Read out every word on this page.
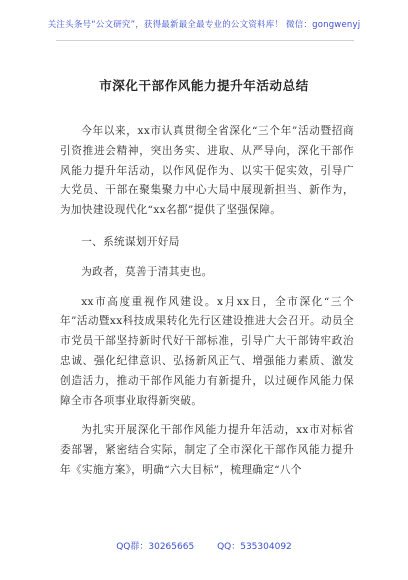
关注头条号“公文研究”，获得最新最全最专业的公文资料库！ 微信：gongwenyj
市深化干部作风能力提升年活动总结

今年以来，xx市认真贯彻全省深化“三个年”活动暨招商引资推进会精神，突出务实、进取、从严导向，深化干部作风能力提升年活动，以作风促作为、以实干促实效，引导广大党员、干部在聚集聚力中心大局中展现新担当、新作为，为加快建设现代化“xx名都”提供了坚强保障。

一、系统谋划开好局

为政者，莫善于清其吏也。

xx市高度重视作风建设。x月xx日，全市深化“三个年”活动暨xx科技成果转化先行区建设推进大会召开。动员全市党员干部坚持新时代好干部标准，引导广大干部铸牢政治忠诚、强化纪律意识、弘扬新风正气、增强能力素质、激发创造活力，推动干部作风能力有新提升，以过硬作风能力保障全市各项事业取得新突破。

为扎实开展深化干部作风能力提升年活动，xx市对标省委部署，紧密结合实际，制定了全市深化干部作风能力提升年《实施方案》，明确“六大目标”，梳理确定“八个

QQ群：30265665        QQ：535304092
